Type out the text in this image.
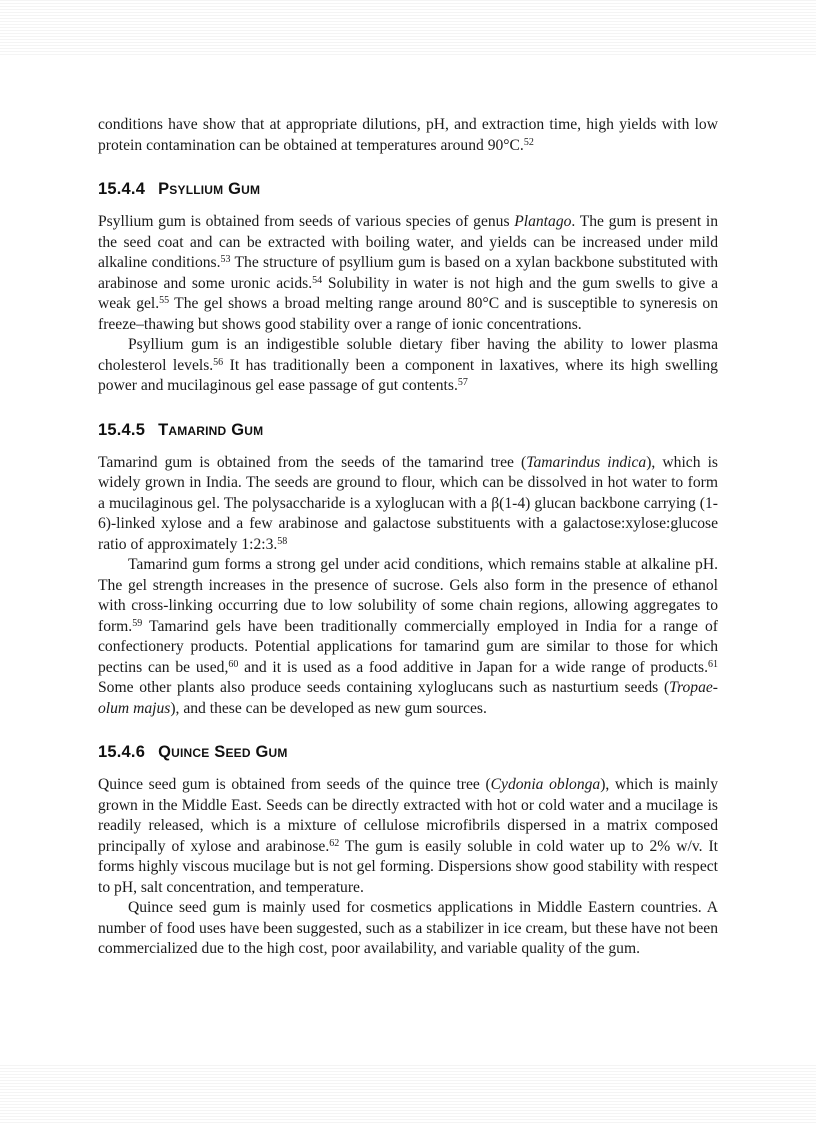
conditions have show that at appropriate dilutions, pH, and extraction time, high yields with low protein contamination can be obtained at temperatures around 90°C.$^{52}$

15.4.4 Psyllium Gum

Psyllium gum is obtained from seeds of various species of genus Plantago. The gum is present in the seed coat and can be extracted with boiling water, and yields can be increased under mild alkaline conditions.$^{53}$ The structure of psyllium gum is based on a xylan backbone substituted with arabinose and some uronic acids.$^{54}$ Solubility in water is not high and the gum swells to give a weak gel.$^{55}$ The gel shows a broad melting range around 80°C and is susceptible to syneresis on freeze–thawing but shows good stability over a range of ionic concentrations.

Psyllium gum is an indigestible soluble dietary fiber having the ability to lower plasma cholesterol levels.$^{56}$ It has traditionally been a component in laxatives, where its high swelling power and mucilaginous gel ease passage of gut contents.$^{57}$

15.4.5 Tamarind Gum

Tamarind gum is obtained from the seeds of the tamarind tree (Tamarindus indica), which is widely grown in India. The seeds are ground to flour, which can be dissolved in hot water to form a mucilaginous gel. The polysaccharide is a xyloglucan with a β(1-4) glucan backbone carrying (1-6)-linked xylose and a few arabinose and galactose substituents with a galactose:xylose:glucose ratio of approximately 1:2:3.58

Tamarind gum forms a strong gel under acid conditions, which remains stable at alkaline pH. The gel strength increases in the presence of sucrose. Gels also form in the presence of ethanol with cross-linking occurring due to low solubility of some chain regions, allowing aggregates to form.$^{59}$ Tamarind gels have been traditionally commercially employed in India for a range of confectionery products. Potential applications for tamarind gum are similar to those for which pectins can be used,$^{60}$ and it is used as a food additive in Japan for a wide range of products.$^{61}$ Some other plants also produce seeds containing xyloglucans such as nasturtium seeds (Tropaeolum majus), and these can be developed as new gum sources.

15.4.6 Quince Seed Gum

Quince seed gum is obtained from seeds of the quince tree (Cydonia oblonga), which is mainly grown in the Middle East. Seeds can be directly extracted with hot or cold water and a mucilage is readily released, which is a mixture of cellulose microfibrils dispersed in a matrix composed principally of xylose and arabinose.$^{62}$ The gum is easily soluble in cold water up to 2% w/v. It forms highly viscous mucilage but is not gel forming. Dispersions show good stability with respect to pH, salt concentration, and temperature.

Quince seed gum is mainly used for cosmetics applications in Middle Eastern countries. A number of food uses have been suggested, such as a stabilizer in ice cream, but these have not been commercialized due to the high cost, poor availability, and variable quality of the gum.
